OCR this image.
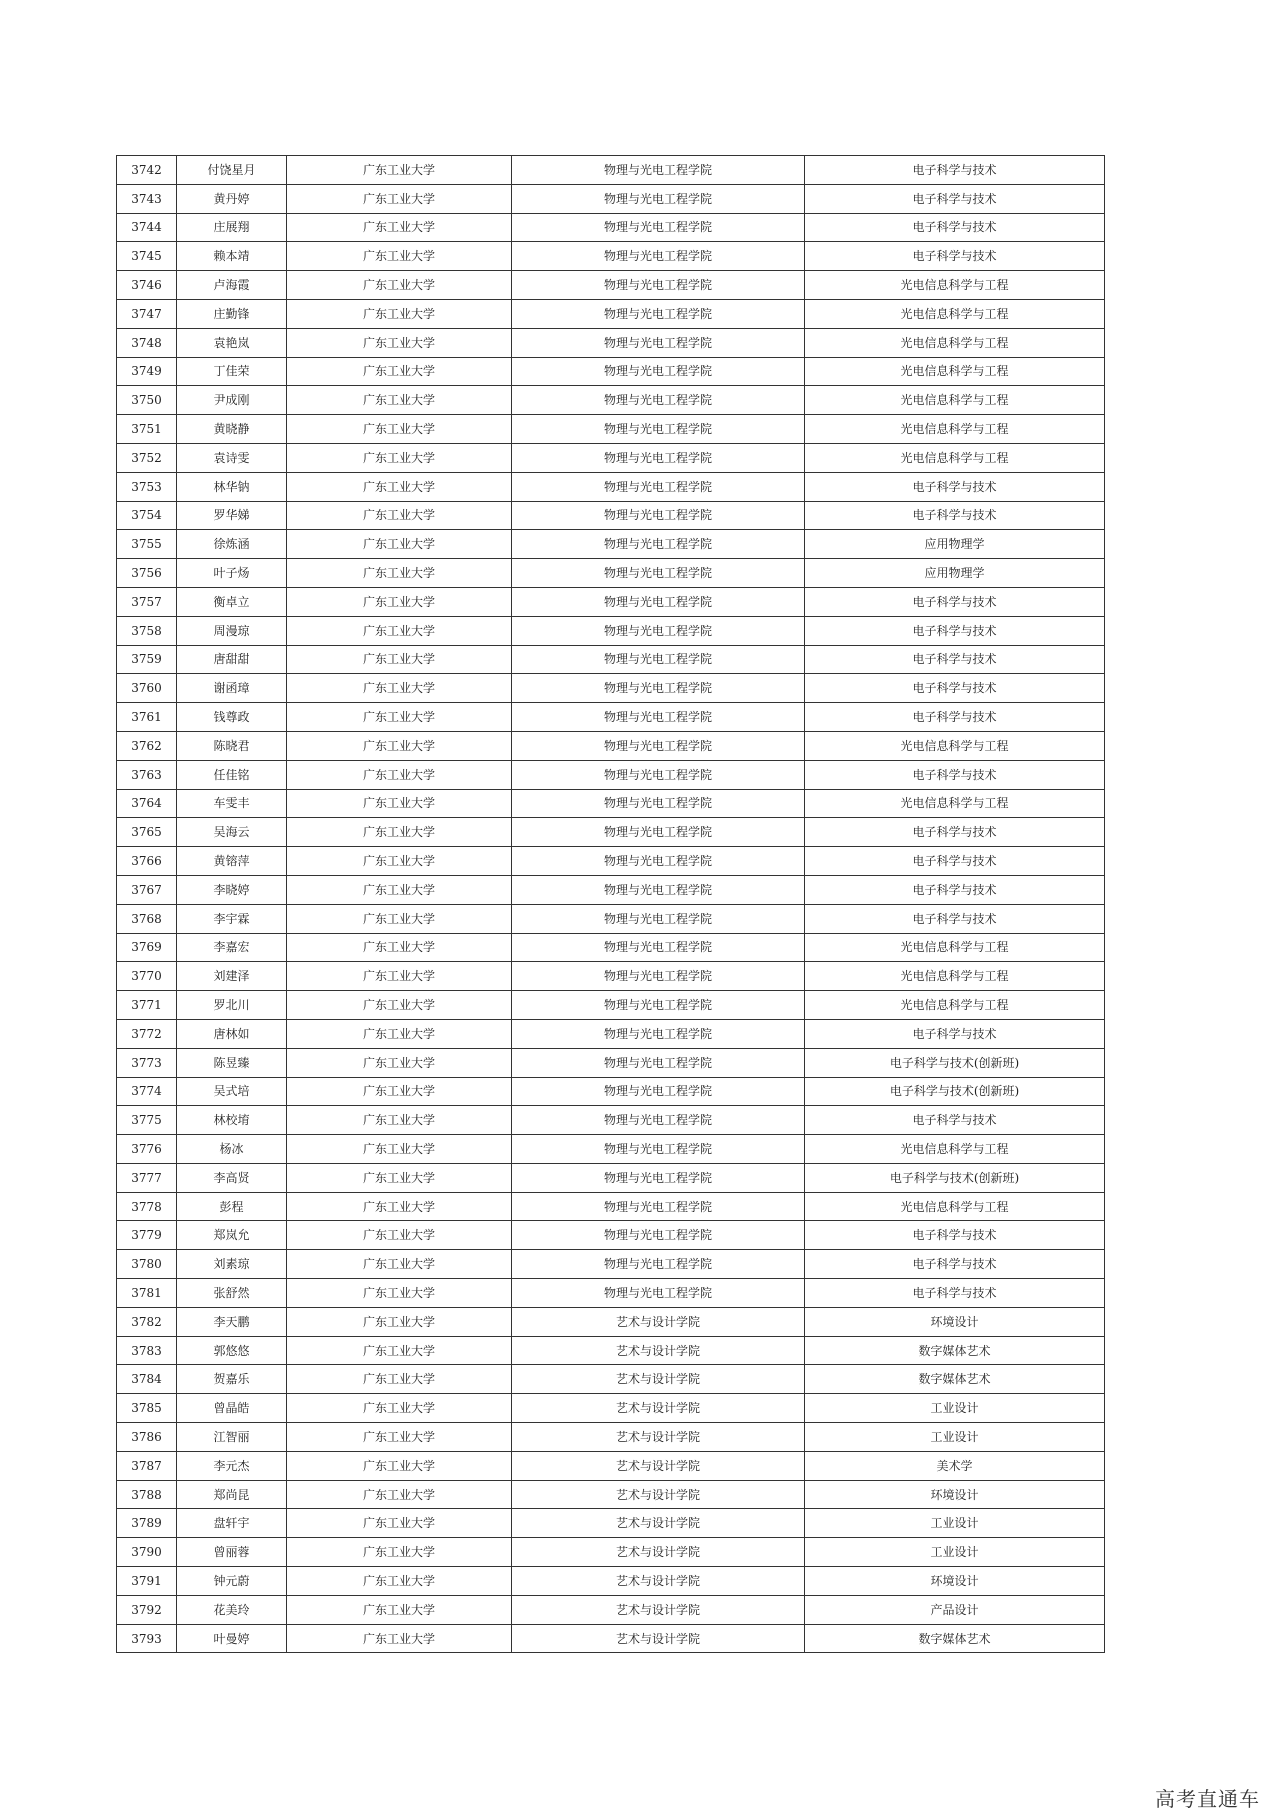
3742	付饶星月	广东工业大学	物理与光电工程学院	电子科学与技术
3743	黄丹婷	广东工业大学	物理与光电工程学院	电子科学与技术
3744	庄展翔	广东工业大学	物理与光电工程学院	电子科学与技术
3745	赖本靖	广东工业大学	物理与光电工程学院	电子科学与技术
3746	卢海霞	广东工业大学	物理与光电工程学院	光电信息科学与工程
3747	庄勤锋	广东工业大学	物理与光电工程学院	光电信息科学与工程
3748	袁艳岚	广东工业大学	物理与光电工程学院	光电信息科学与工程
3749	丁佳荣	广东工业大学	物理与光电工程学院	光电信息科学与工程
3750	尹成刚	广东工业大学	物理与光电工程学院	光电信息科学与工程
3751	黄晓静	广东工业大学	物理与光电工程学院	光电信息科学与工程
3752	袁诗雯	广东工业大学	物理与光电工程学院	光电信息科学与工程
3753	林华钠	广东工业大学	物理与光电工程学院	电子科学与技术
3754	罗华娣	广东工业大学	物理与光电工程学院	电子科学与技术
3755	徐炼涵	广东工业大学	物理与光电工程学院	应用物理学
3756	叶子炀	广东工业大学	物理与光电工程学院	应用物理学
3757	衡卓立	广东工业大学	物理与光电工程学院	电子科学与技术
3758	周漫琼	广东工业大学	物理与光电工程学院	电子科学与技术
3759	唐甜甜	广东工业大学	物理与光电工程学院	电子科学与技术
3760	谢函璋	广东工业大学	物理与光电工程学院	电子科学与技术
3761	钱尊政	广东工业大学	物理与光电工程学院	电子科学与技术
3762	陈晓君	广东工业大学	物理与光电工程学院	光电信息科学与工程
3763	任佳铭	广东工业大学	物理与光电工程学院	电子科学与技术
3764	车雯丰	广东工业大学	物理与光电工程学院	光电信息科学与工程
3765	吴海云	广东工业大学	物理与光电工程学院	电子科学与技术
3766	黄镕萍	广东工业大学	物理与光电工程学院	电子科学与技术
3767	李晓婷	广东工业大学	物理与光电工程学院	电子科学与技术
3768	李宇霖	广东工业大学	物理与光电工程学院	电子科学与技术
3769	李嘉宏	广东工业大学	物理与光电工程学院	光电信息科学与工程
3770	刘建泽	广东工业大学	物理与光电工程学院	光电信息科学与工程
3771	罗北川	广东工业大学	物理与光电工程学院	光电信息科学与工程
3772	唐林如	广东工业大学	物理与光电工程学院	电子科学与技术
3773	陈昱臻	广东工业大学	物理与光电工程学院	电子科学与技术(创新班)
3774	吴式培	广东工业大学	物理与光电工程学院	电子科学与技术(创新班)
3775	林校堉	广东工业大学	物理与光电工程学院	电子科学与技术
3776	杨冰	广东工业大学	物理与光电工程学院	光电信息科学与工程
3777	李高贤	广东工业大学	物理与光电工程学院	电子科学与技术(创新班)
3778	彭程	广东工业大学	物理与光电工程学院	光电信息科学与工程
3779	郑岚允	广东工业大学	物理与光电工程学院	电子科学与技术
3780	刘素琼	广东工业大学	物理与光电工程学院	电子科学与技术
3781	张舒然	广东工业大学	物理与光电工程学院	电子科学与技术
3782	李天鹏	广东工业大学	艺术与设计学院	环境设计
3783	郭悠悠	广东工业大学	艺术与设计学院	数字媒体艺术
3784	贺嘉乐	广东工业大学	艺术与设计学院	数字媒体艺术
3785	曾晶皓	广东工业大学	艺术与设计学院	工业设计
3786	江智丽	广东工业大学	艺术与设计学院	工业设计
3787	李元杰	广东工业大学	艺术与设计学院	美术学
3788	郑尚昆	广东工业大学	艺术与设计学院	环境设计
3789	盘轩宇	广东工业大学	艺术与设计学院	工业设计
3790	曾丽蓉	广东工业大学	艺术与设计学院	工业设计
3791	钟元蔚	广东工业大学	艺术与设计学院	环境设计
3792	花美玲	广东工业大学	艺术与设计学院	产品设计
3793	叶曼婷	广东工业大学	艺术与设计学院	数字媒体艺术
高考直通车
